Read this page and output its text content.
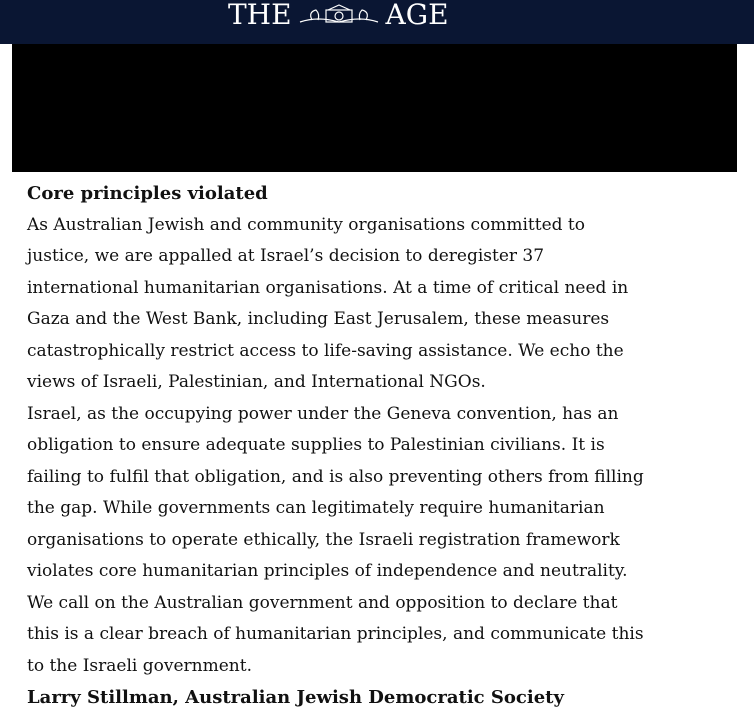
THE	AGE
Core principles violated

As Australian Jewish and community organisations committed to justice, we are appalled at Israel’s decision to deregister 37 international humanitarian organisations. At a time of critical need in Gaza and the West Bank, including East Jerusalem, these measures catastrophically restrict access to life-saving assistance. We echo the views of Israeli, Palestinian, and International NGOs.

Israel, as the occupying power under the Geneva convention, has an obligation to ensure adequate supplies to Palestinian civilians. It is failing to fulfil that obligation, and is also preventing others from filling the gap. While governments can legitimately require humanitarian organisations to operate ethically, the Israeli registration framework violates core humanitarian principles of independence and neutrality.

We call on the Australian government and opposition to declare that this is a clear breach of humanitarian principles, and communicate this to the Israeli government.

Larry Stillman, Australian Jewish Democratic Society
